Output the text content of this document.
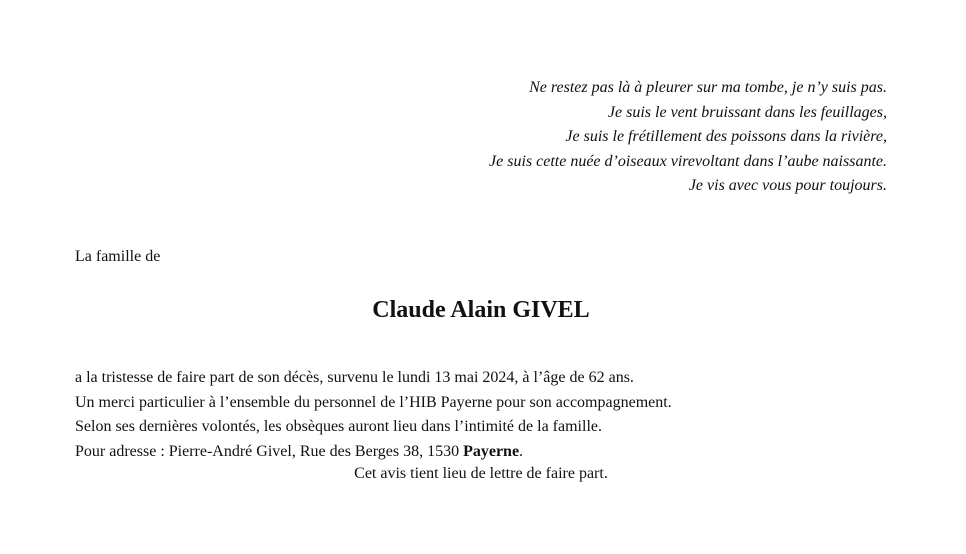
Ne restez pas là à pleurer sur ma tombe, je n’y suis pas.
Je suis le vent bruissant dans les feuillages,
Je suis le frétillement des poissons dans la rivière,
Je suis cette nuée d’oiseaux virevoltant dans l’aube naissante.
Je vis avec vous pour toujours.
La famille de
Claude Alain GIVEL
a la tristesse de faire part de son décès, survenu le lundi 13 mai 2024, à l’âge de 62 ans.
Un merci particulier à l’ensemble du personnel de l’HIB Payerne pour son accompagnement.
Selon ses dernières volontés, les obsèques auront lieu dans l’intimité de la famille.
Pour adresse : Pierre-André Givel, Rue des Berges 38, 1530 Payerne.
Cet avis tient lieu de lettre de faire part.
